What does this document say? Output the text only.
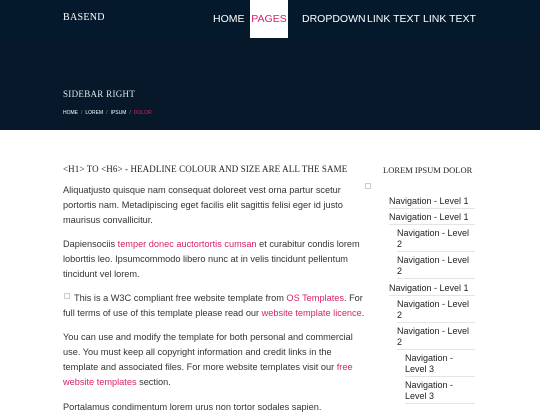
BASEND	HOME PAGES DROPDOWN LINK TEXT LINK TEXT
SIDEBAR RIGHT
HOME / LOREM / IPSUM / DOLOR
<H1> TO <H6> - HEADLINE COLOUR AND SIZE ARE ALL THE SAME

Aliquatjusto quisque nam consequat doloreet vest orna partur scetur portortis nam. Metadipiscing eget facilis elit sagittis felisi eger id justo maurisus convallicitur.

Dapiensociis temper donec auctortortis cumsan et curabitur condis lorem loborttis leo. Ipsumcommodo libero nunc at in velis tincidunt pellentum tincidunt vel lorem.

This is a W3C compliant free website template from OS Templates. For full terms of use of this template please read our website template licence.

You can use and modify the template for both personal and commercial use. You must keep all copyright information and credit links in the template and associated files. For more website templates visit our free website templates section.

Portalamus condimentum lorem urus non tortor sodales sapien.

LOREM IPSUM DOLOR
Navigation - Level 1
Navigation - Level 1
Navigation - Level 2
Navigation - Level 2
Navigation - Level 1
Navigation - Level 2
Navigation - Level 2
Navigation - Level 3
Navigation - Level 3
